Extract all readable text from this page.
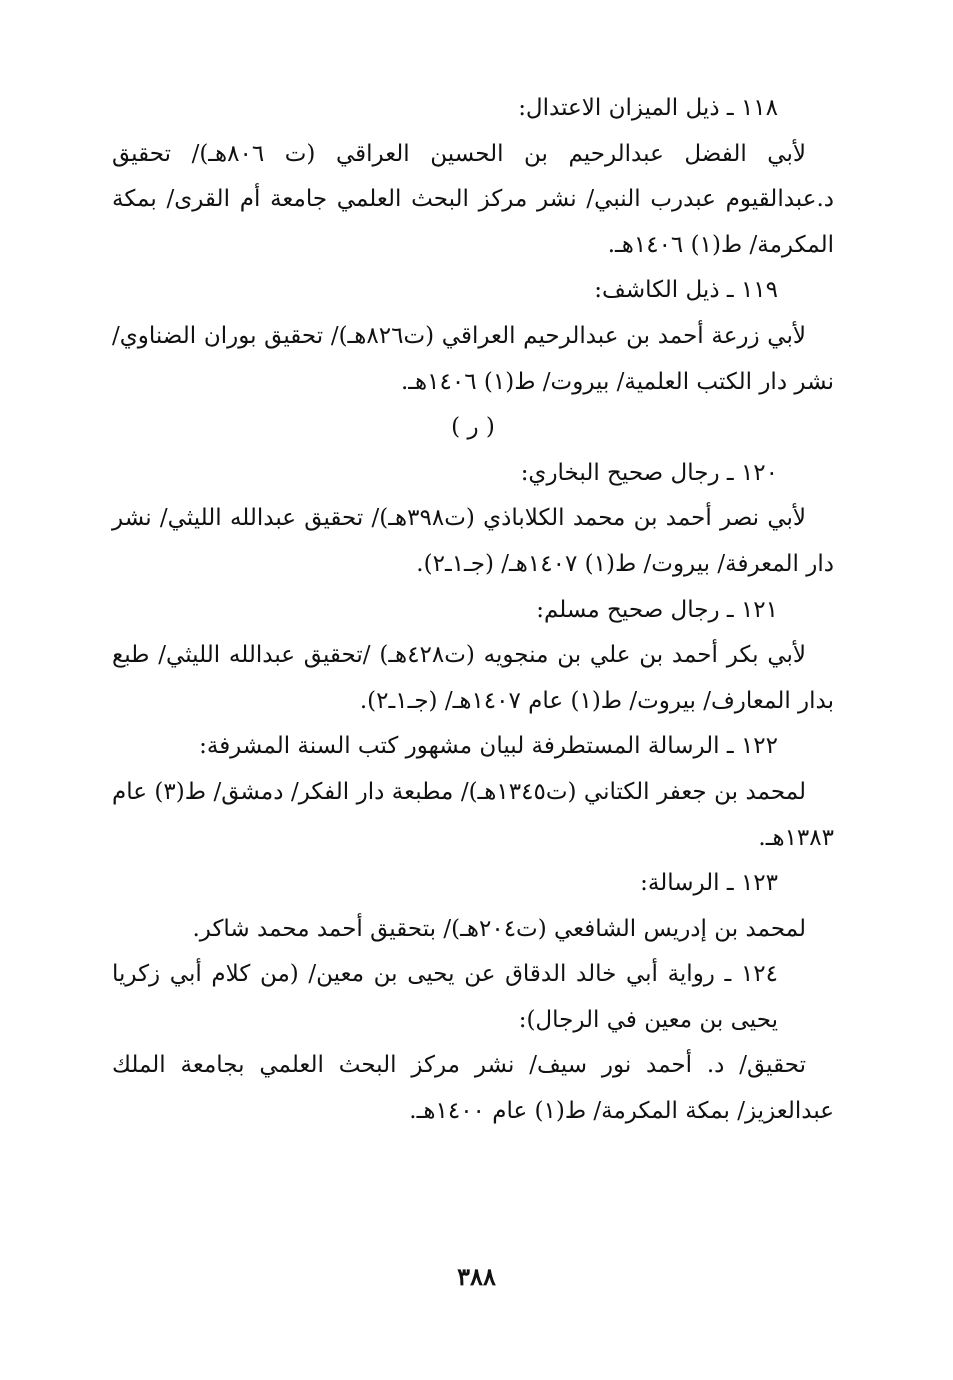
١١٨ ـ ذيل الميزان الاعتدال:

لأبي الفضل عبدالرحيم بن الحسين العراقي (ت ٨٠٦هـ)/ تحقيق د.عبدالقيوم عبدرب النبي/ نشر مركز البحث العلمي جامعة أم القرى/ بمكة المكرمة/ ط(١) ١٤٠٦هـ.

١١٩ ـ ذيل الكاشف:

لأبي زرعة أحمد بن عبدالرحيم العراقي (ت٨٢٦هـ)/ تحقيق بوران الضناوي/ نشر دار الكتب العلمية/ بيروت/ ط(١) ١٤٠٦هـ.

( ر )

١٢٠ ـ رجال صحيح البخاري:

لأبي نصر أحمد بن محمد الكلاباذي (ت٣٩٨هـ)/ تحقيق عبدالله الليثي/ نشر دار المعرفة/ بيروت/ ط(١) ١٤٠٧هـ/ (جـ١ـ٢).

١٢١ ـ رجال صحيح مسلم:

لأبي بكر أحمد بن علي بن منجويه (ت٤٢٨هـ) /تحقيق عبدالله الليثي/ طبع بدار المعارف/ بيروت/ ط(١) عام ١٤٠٧هـ/ (جـ١ـ٢).

١٢٢ ـ الرسالة المستطرفة لبيان مشهور كتب السنة المشرفة:

لمحمد بن جعفر الكتاني (ت١٣٤٥هـ)/ مطبعة دار الفكر/ دمشق/ ط(٣) عام ١٣٨٣هـ.

١٢٣ ـ الرسالة:

لمحمد بن إدريس الشافعي (ت٢٠٤هـ)/ بتحقيق أحمد محمد شاكر.

١٢٤ ـ رواية أبي خالد الدقاق عن يحيى بن معين/ (من كلام أبي زكريا يحيى بن معين في الرجال):

تحقيق/ د. أحمد نور سيف/ نشر مركز البحث العلمي بجامعة الملك عبدالعزيز/ بمكة المكرمة/ ط(١) عام ١٤٠٠هـ.

٣٨٨
